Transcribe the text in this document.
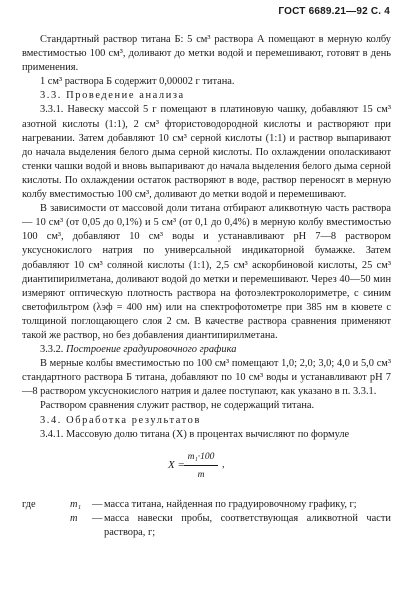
ГОСТ 6689.21—92 С. 4

Стандартный раствор титана Б: 5 см³ раствора А помещают в мерную колбу вместимостью 100 см³, доливают до метки водой и перемешивают, готовят в день применения.

1 см³ раствора Б содержит 0,00002 г титана.

3.3. Проведение анализа

3.3.1. Навеску массой 5 г помещают в платиновую чашку, добавляют 15 см³ азотной кислоты (1:1), 2 см³ фтористоводородной кислоты и растворяют при нагревании. Затем добавляют 10 см³ серной кислоты (1:1) и раствор выпаривают до начала выделения белого дыма серной кислоты. По охлаждении ополаскивают стенки чашки водой и вновь выпаривают до начала выделения белого дыма серной кислоты. По охлаждении остаток растворяют в воде, раствор переносят в мерную колбу вместимостью 100 см³, доливают до метки водой и перемешивают.

В зависимости от массовой доли титана отбирают аликвотную часть раствора — 10 см³ (от 0,05 до 0,1%) и 5 см³ (от 0,1 до 0,4%) в мерную колбу вместимостью 100 см³, добавляют 10 см³ воды и устанавливают рН 7—8 раствором уксуснокислого натрия по универсальной индикаторной бумажке. Затем добавляют 10 см³ соляной кислоты (1:1), 2,5 см³ аскорбиновой кислоты, 25 см³ диантипирилметана, доливают водой до метки и перемешивают. Через 40—50 мин измеряют оптическую плотность раствора на фотоэлектроколориметре, с синим светофильтром (λэф = 400 нм) или на спектрофотометре при 385 нм в кювете с толщиной поглощающего слоя 2 см. В качестве раствора сравнения применяют такой же раствор, но без добавления диантипирилметана.

3.3.2. Построение градуировочного графика

В мерные колбы вместимостью по 100 см³ помещают 1,0; 2,0; 3,0; 4,0 и 5,0 см³ стандартного раствора Б титана, добавляют по 10 см³ воды и устанавливают рН 7—8 раствором уксуснокислого натрия и далее поступают, как указано в п. 3.3.1.

Раствором сравнения служит раствор, не содержащий титана.

3.4. Обработка результатов

3.4.1. Массовую долю титана (X) в процентах вычисляют по формуле

$X = \frac{\text{m₁·100}}{m}$ ,
где	m₁	— масса титана, найденная по градуировочному графику, г;
m	— масса навески пробы, соответствующая аликвотной части раствора, г;
